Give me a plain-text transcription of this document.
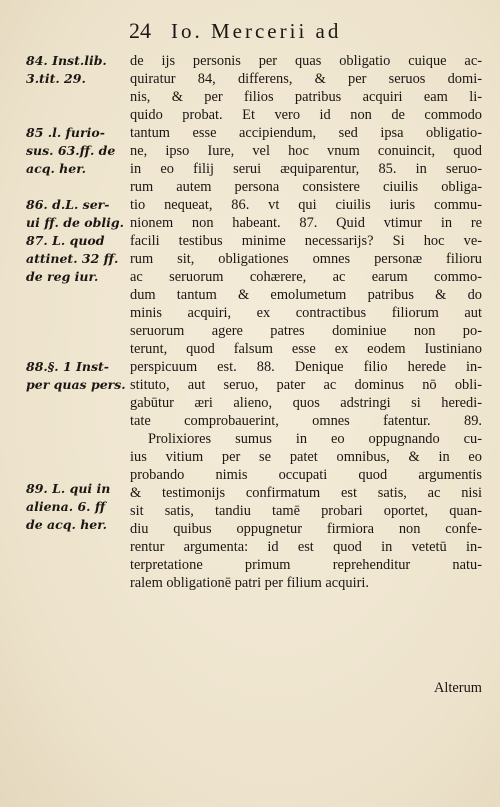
24 Io. Mercerii ad
84. Inst.lib.
3.tit. 29.
85 .l. furio-
sus. 63.ff. de
acq. her.
86. d.L. ser-
ui ff. de oblig.
87. L. quod
attinet. 32 ff.
de reg iur.
88.§. 1 Inst-
per quas pers.
89. L. qui in
aliena. 6. ff
de acq. her.
de ijs personis per quas obligatio cuique ac-
quiratur 84, differens, & per seruos domi-
nis, & per filios patribus acquiri eam li-
quido probat. Et vero id non de commodo
tantum esse accipiendum, sed ipsa obligatio-
ne, ipso Iure, vel hoc vnum conuincit, quod
in eo filij serui æquiparentur, 85. in seruo-
rum autem persona consistere ciuilis obliga-
tio nequeat, 86. vt qui ciuilis iuris commu-
nionem non habeant. 87. Quid vtimur in re
facili testibus minime necessarijs? Si hoc ve-
rum sit, obligationes omnes personæ filioru
ac seruorum cohærere, ac earum commo-
dum tantum & emolumetum patribus & do
minis acquiri, ex contractibus filiorum aut
seruorum agere patres dominiue non po-
terunt, quod falsum esse ex eodem Iustiniano
perspicuum est. 88. Denique filio herede in-
stituto, aut seruo, pater ac dominus nō obli-
gabūtur æri alieno, quos adstringi si heredi-
tate comprobauerint, omnes fatentur. 89.
Prolixiores sumus in eo oppugnando cu-
ius vitium per se patet omnibus, & in eo
probando nimis occupati quod argumentis
& testimonijs confirmatum est satis, ac nisi
sit satis, tandiu tamē probari oportet, quan-
diu quibus oppugnetur firmiora non confe-
rentur argumenta: id est quod in vetetū in-
terpretatione primum reprehenditur natu-
ralem obligationē patri per filium acquiri.
Alterum
